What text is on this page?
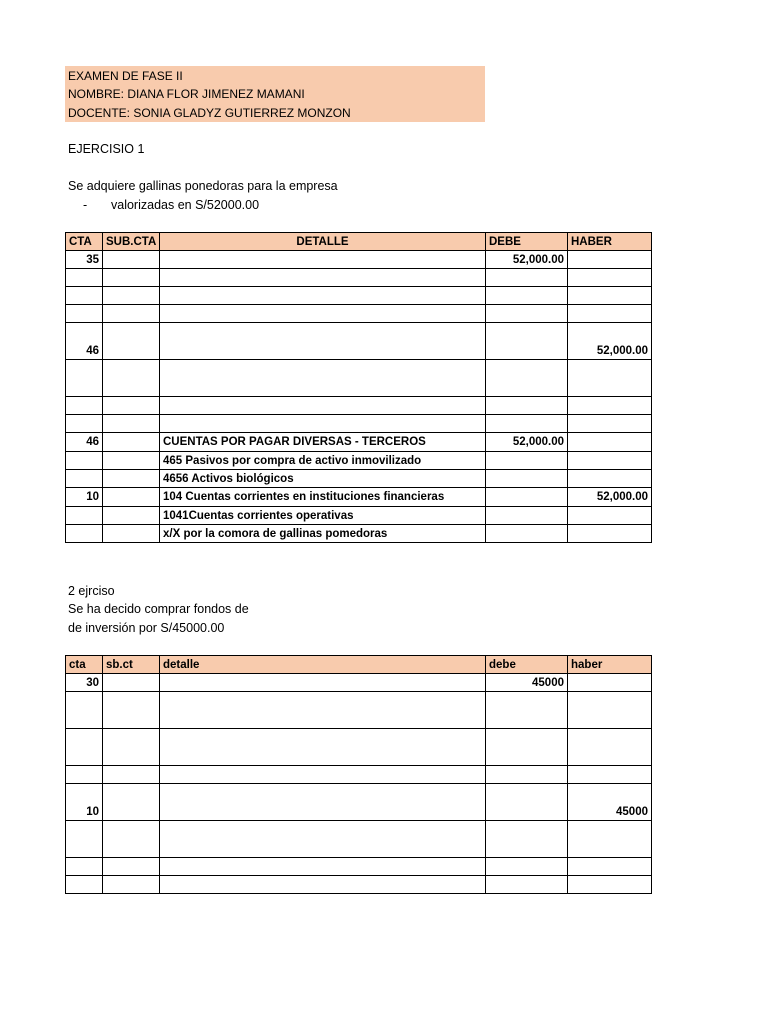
EXAMEN DE FASE II
NOMBRE: DIANA FLOR JIMENEZ MAMANI
DOCENTE: SONIA GLADYZ GUTIERREZ MONZON
EJERCISIO 1
Se adquiere gallinas ponedoras para la empresa
- valorizadas en S/52000.00
CTA	SUB.CTA	DETALLE	DEBE	HABER
35			52,000.00	

46				52,000.00

46		CUENTAS POR PAGAR DIVERSAS - TERCEROS	52,000.00	
		465 Pasivos por compra de activo inmovilizado		
		4656 Activos biológicos		
10		104 Cuentas corrientes en instituciones financieras		52,000.00
		1041Cuentas corrientes operativas		
		x/X por la comora de gallinas pomedoras		
2 ejrciso
Se ha decido comprar fondos de
de inversión por S/45000.00
cta	sb.ct	detalle	debe	haber
30			45000	

10				45000
